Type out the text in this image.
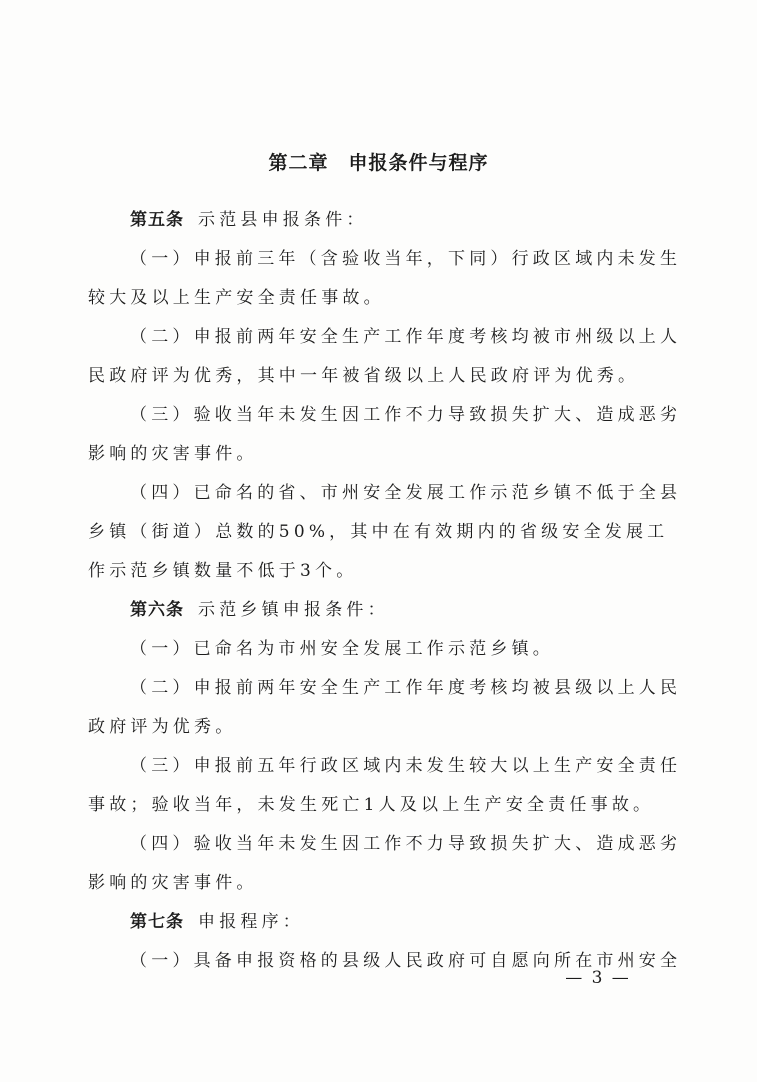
第二章　申报条件与程序
第五条 示范县申报条件：
（一）申报前三年（含验收当年，下同）行政区域内未发生
较大及以上生产安全责任事故。
（二）申报前两年安全生产工作年度考核均被市州级以上人
民政府评为优秀，其中一年被省级以上人民政府评为优秀。
（三）验收当年未发生因工作不力导致损失扩大、造成恶劣
影响的灾害事件。
（四）已命名的省、市州安全发展工作示范乡镇不低于全县
乡镇（街道）总数的50%，其中在有效期内的省级安全发展工
作示范乡镇数量不低于3个。
第六条 示范乡镇申报条件：
（一）已命名为市州安全发展工作示范乡镇。
（二）申报前两年安全生产工作年度考核均被县级以上人民
政府评为优秀。
（三）申报前五年行政区域内未发生较大以上生产安全责任
事故；验收当年，未发生死亡1人及以上生产安全责任事故。
（四）验收当年未发生因工作不力导致损失扩大、造成恶劣
影响的灾害事件。
第七条 申报程序：
（一）具备申报资格的县级人民政府可自愿向所在市州安全
— 3 —
